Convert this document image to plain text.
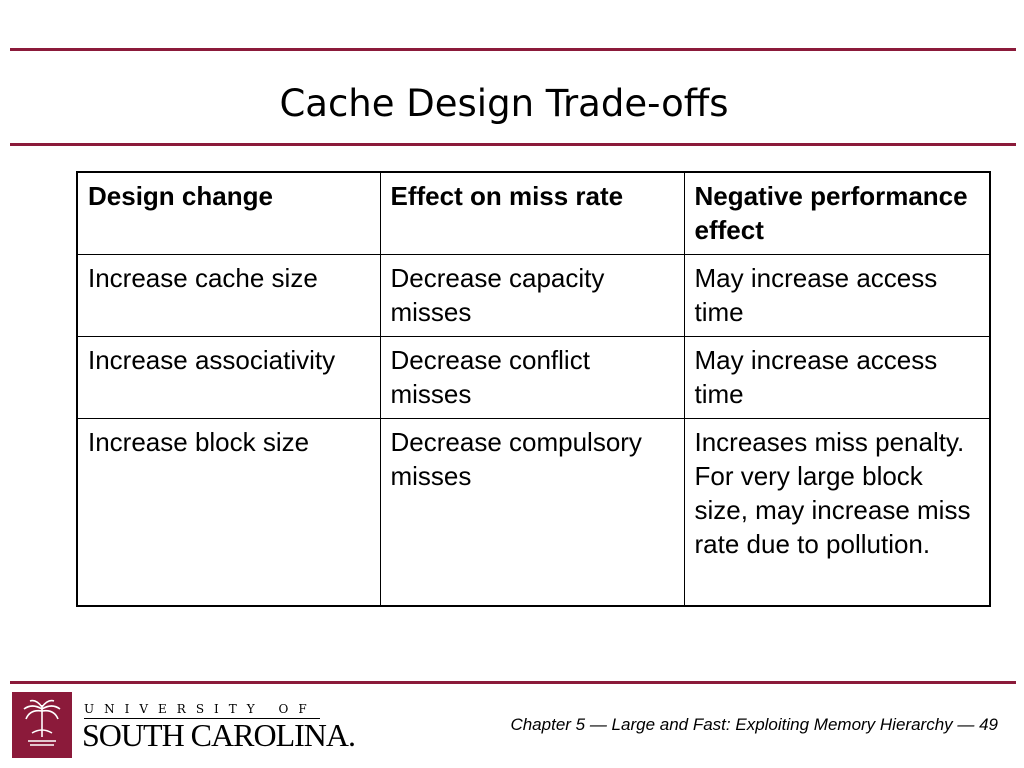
Cache Design Trade-offs
Design change	Effect on miss rate	Negative performance effect
Increase cache size	Decrease capacity misses	May increase access time
Increase associativity	Decrease conflict misses	May increase access time
Increase block size	Decrease compulsory misses	Increases miss penalty. For very large block size, may increase miss rate due to pollution.
UNIVERSITY OF
SOUTH CAROLINA.	Chapter 5 — Large and Fast: Exploiting Memory Hierarchy — 49
